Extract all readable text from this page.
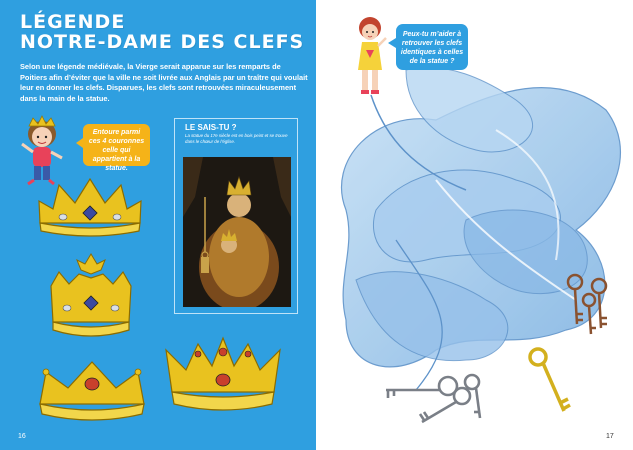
LÉGENDE
NOTRE-DAME DES CLEFS
Selon une légende médiévale, la Vierge serait apparue sur les remparts de Poitiers afin d’éviter que la ville ne soit livrée aux Anglais par un traître qui voulait leur en donner les clefs. Disparues, les clefs sont retrouvées miraculeusement dans la main de la statue.
Entoure parmi ces 4 couronnes celle qui appartient à la statue.
LE SAIS-TU ?
La statue du 17e siècle est en bois peint et se trouve dans le chœur de l’église.
16
Peux-tu m’aider à retrouver les clefs identiques à celles de la statue ?
17
